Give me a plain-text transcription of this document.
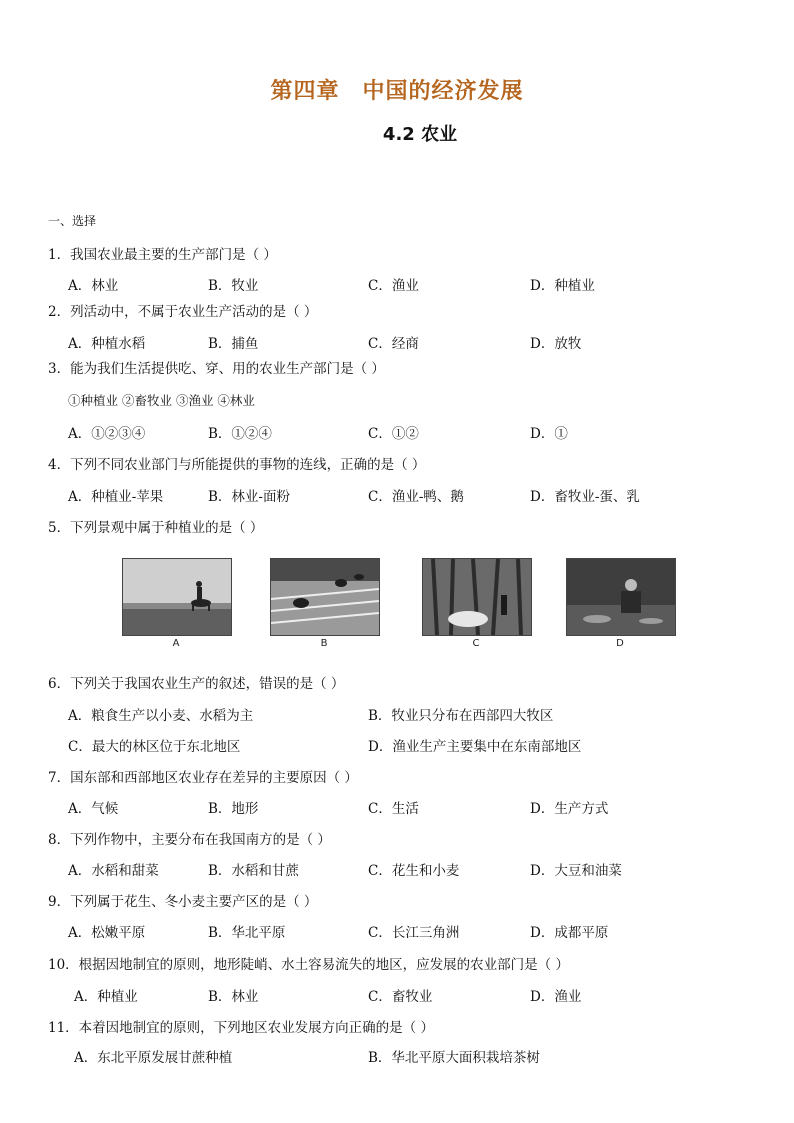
第四章　中国的经济发展
4.2 农业
一、选择
1．我国农业最主要的生产部门是（ ）
A．林业	B．牧业	C．渔业	D．种植业
2．列活动中，不属于农业生产活动的是（ ）
A．种植水稻	B．捕鱼	C．经商	D．放牧
3．能为我们生活提供吃、穿、用的农业生产部门是（ ）
①种植业 ②畜牧业 ③渔业 ④林业
A．①②③④	B．①②④	C．①②	D．①
4．下列不同农业部门与所能提供的事物的连线，正确的是（ ）
A．种植业-苹果	B．林业-面粉	C．渔业-鸭、鹅	D．畜牧业-蛋、乳
5．下列景观中属于种植业的是（ ）
A	B	C	D
6．下列关于我国农业生产的叙述，错误的是（ ）
A．粮食生产以小麦、水稻为主	B．牧业只分布在西部四大牧区
C．最大的林区位于东北地区	D．渔业生产主要集中在东南部地区
7．国东部和西部地区农业存在差异的主要原因（ ）
A．气候	B．地形	C．生活	D．生产方式
8．下列作物中，主要分布在我国南方的是（ ）
A．水稻和甜菜	B．水稻和甘蔗	C．花生和小麦	D．大豆和油菜
9．下列属于花生、冬小麦主要产区的是（ ）
A．松嫩平原	B．华北平原	C．长江三角洲	D．成都平原
10．根据因地制宜的原则，地形陡峭、水土容易流失的地区，应发展的农业部门是（ ）
A．种植业	B．林业	C．畜牧业	D．渔业
11．本着因地制宜的原则，下列地区农业发展方向正确的是（ ）
A．东北平原发展甘蔗种植	B．华北平原大面积栽培茶树
